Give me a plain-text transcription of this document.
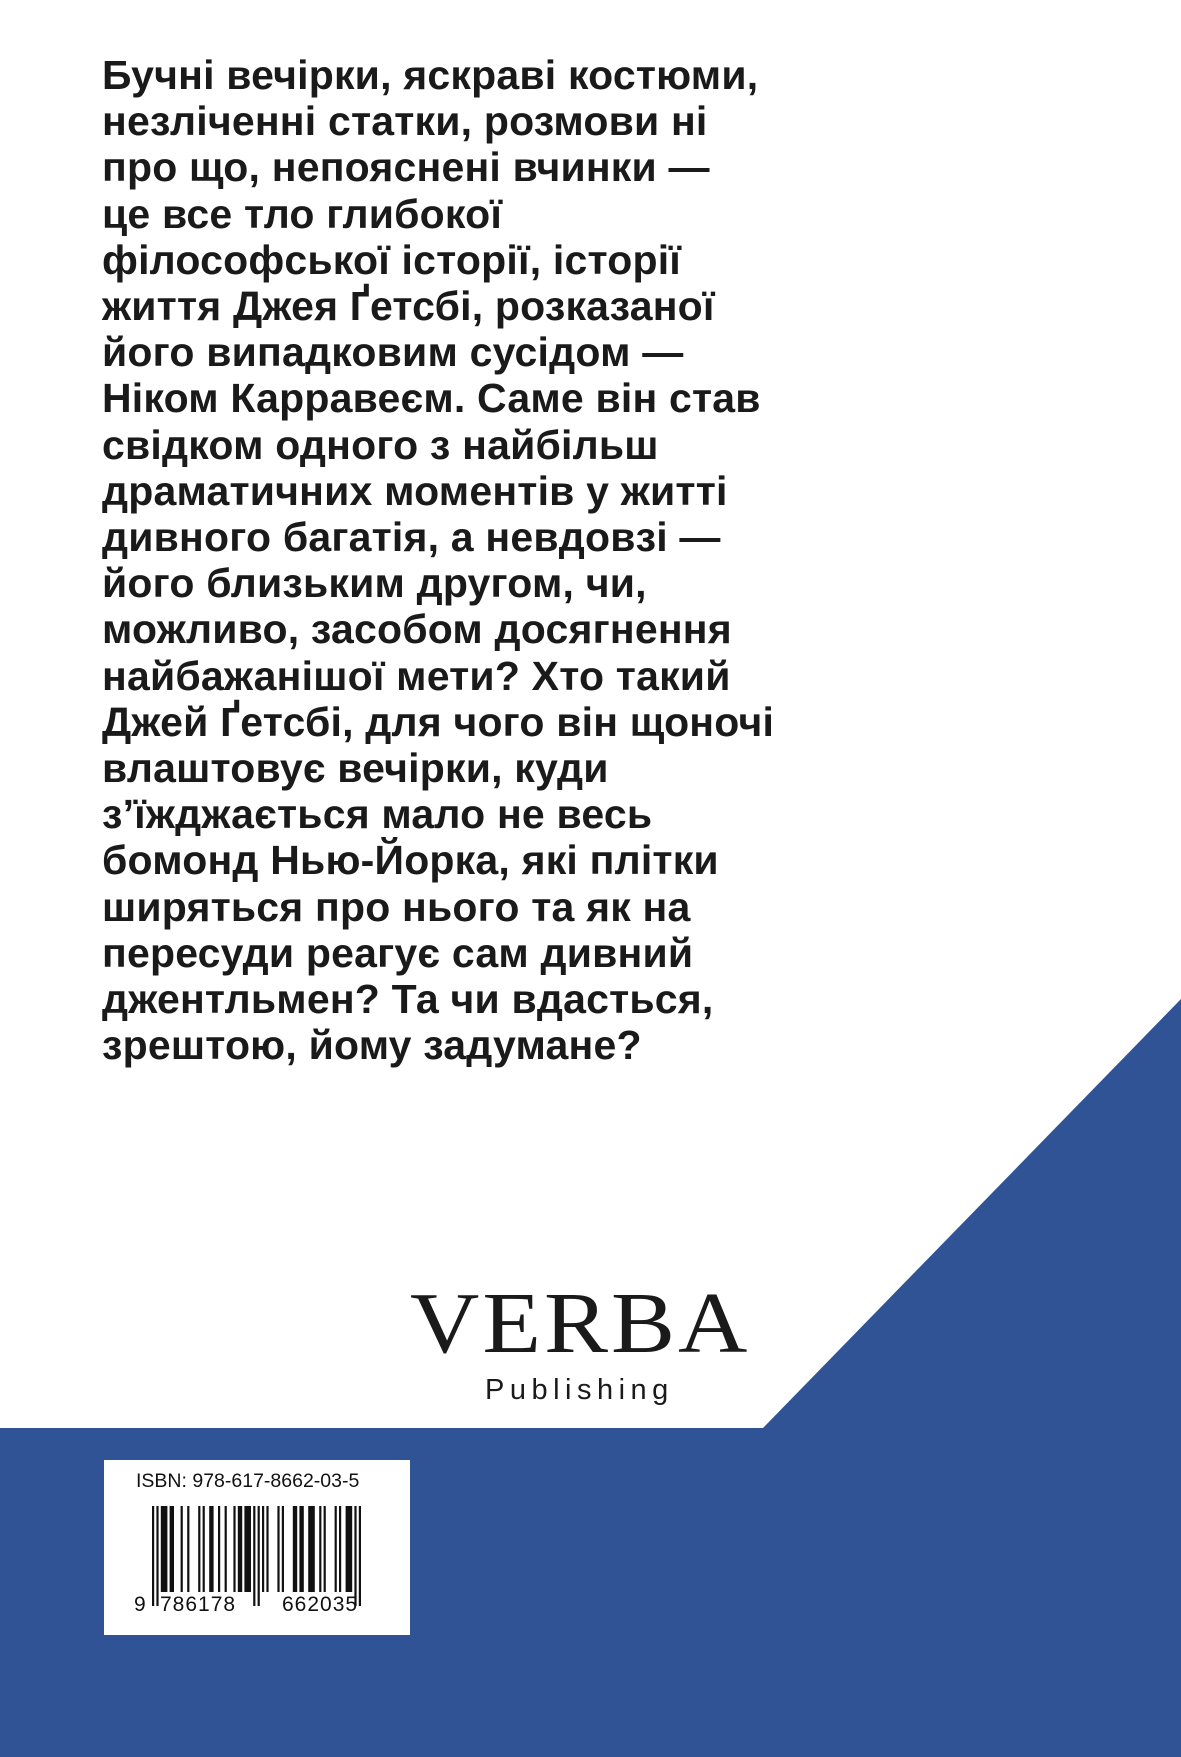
Бучні вечірки, яскраві костюми,
незліченні статки, розмови ні
про що, непояснені вчинки —
це все тло глибокої
філософської історії, історії
життя Джея Ґетсбі, розказаної
його випадковим сусідом —
Ніком Карравеєм. Саме він став
свідком одного з найбільш
драматичних моментів у житті
дивного багатія, а невдовзі —
його близьким другом, чи,
можливо, засобом досягнення
найбажанішої мети? Хто такий
Джей Ґетсбі, для чого він щоночі
влаштовує вечірки, куди
з’їжджається мало не весь
бомонд Нью-Йорка, які плітки
ширяться про нього та як на
пересуди реагує сам дивний
джентльмен? Та чи вдасться,
зрештою, йому задумане?
VERBA
Publishing
ISBN: 978-617-8662-03-5
9 786178 662035
